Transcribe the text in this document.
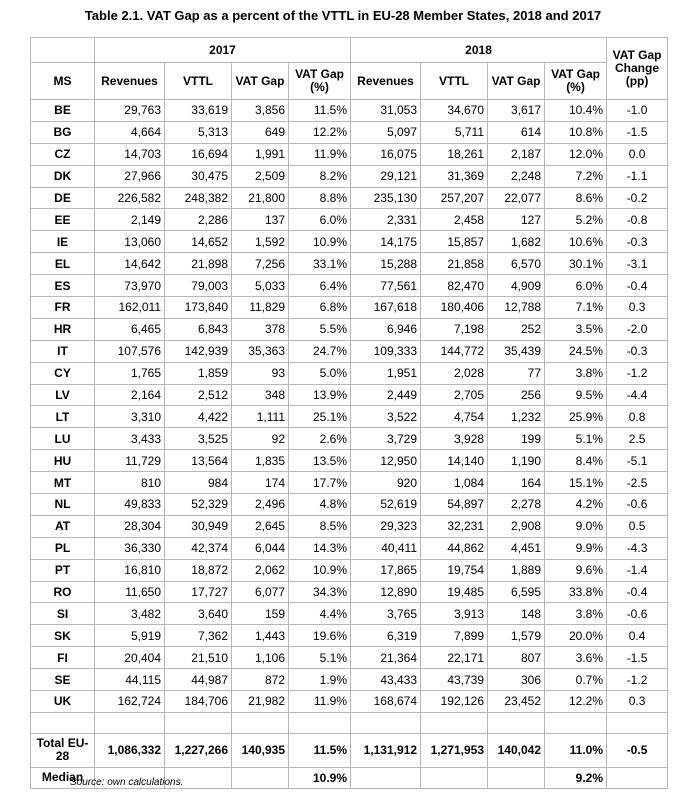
Table 2.1. VAT Gap as a percent of the VTTL in EU-28 Member States, 2018 and 2017
	2017				2018				VAT Gap Change (pp)
MS	Revenues	VTTL	VAT Gap	VAT Gap (%)	Revenues	VTTL	VAT Gap	VAT Gap (%)	
BE	29,763	33,619	3,856	11.5%	31,053	34,670	3,617	10.4%	-1.0
BG	4,664	5,313	649	12.2%	5,097	5,711	614	10.8%	-1.5
CZ	14,703	16,694	1,991	11.9%	16,075	18,261	2,187	12.0%	0.0
DK	27,966	30,475	2,509	8.2%	29,121	31,369	2,248	7.2%	-1.1
DE	226,582	248,382	21,800	8.8%	235,130	257,207	22,077	8.6%	-0.2
EE	2,149	2,286	137	6.0%	2,331	2,458	127	5.2%	-0.8
IE	13,060	14,652	1,592	10.9%	14,175	15,857	1,682	10.6%	-0.3
EL	14,642	21,898	7,256	33.1%	15,288	21,858	6,570	30.1%	-3.1
ES	73,970	79,003	5,033	6.4%	77,561	82,470	4,909	6.0%	-0.4
FR	162,011	173,840	11,829	6.8%	167,618	180,406	12,788	7.1%	0.3
HR	6,465	6,843	378	5.5%	6,946	7,198	252	3.5%	-2.0
IT	107,576	142,939	35,363	24.7%	109,333	144,772	35,439	24.5%	-0.3
CY	1,765	1,859	93	5.0%	1,951	2,028	77	3.8%	-1.2
LV	2,164	2,512	348	13.9%	2,449	2,705	256	9.5%	-4.4
LT	3,310	4,422	1,111	25.1%	3,522	4,754	1,232	25.9%	0.8
LU	3,433	3,525	92	2.6%	3,729	3,928	199	5.1%	2.5
HU	11,729	13,564	1,835	13.5%	12,950	14,140	1,190	8.4%	-5.1
MT	810	984	174	17.7%	920	1,084	164	15.1%	-2.5
NL	49,833	52,329	2,496	4.8%	52,619	54,897	2,278	4.2%	-0.6
AT	28,304	30,949	2,645	8.5%	29,323	32,231	2,908	9.0%	0.5
PL	36,330	42,374	6,044	14.3%	40,411	44,862	4,451	9.9%	-4.3
PT	16,810	18,872	2,062	10.9%	17,865	19,754	1,889	9.6%	-1.4
RO	11,650	17,727	6,077	34.3%	12,890	19,485	6,595	33.8%	-0.4
SI	3,482	3,640	159	4.4%	3,765	3,913	148	3.8%	-0.6
SK	5,919	7,362	1,443	19.6%	6,319	7,899	1,579	20.0%	0.4
FI	20,404	21,510	1,106	5.1%	21,364	22,171	807	3.6%	-1.5
SE	44,115	44,987	872	1.9%	43,433	43,739	306	0.7%	-1.2
UK	162,724	184,706	21,982	11.9%	168,674	192,126	23,452	12.2%	0.3

Total EU-28	1,086,332	1,227,266	140,935	11.5%	1,131,912	1,271,953	140,042	11.0%	-0.5
Median				10.9%				9.2%	
Source: own calculations.
